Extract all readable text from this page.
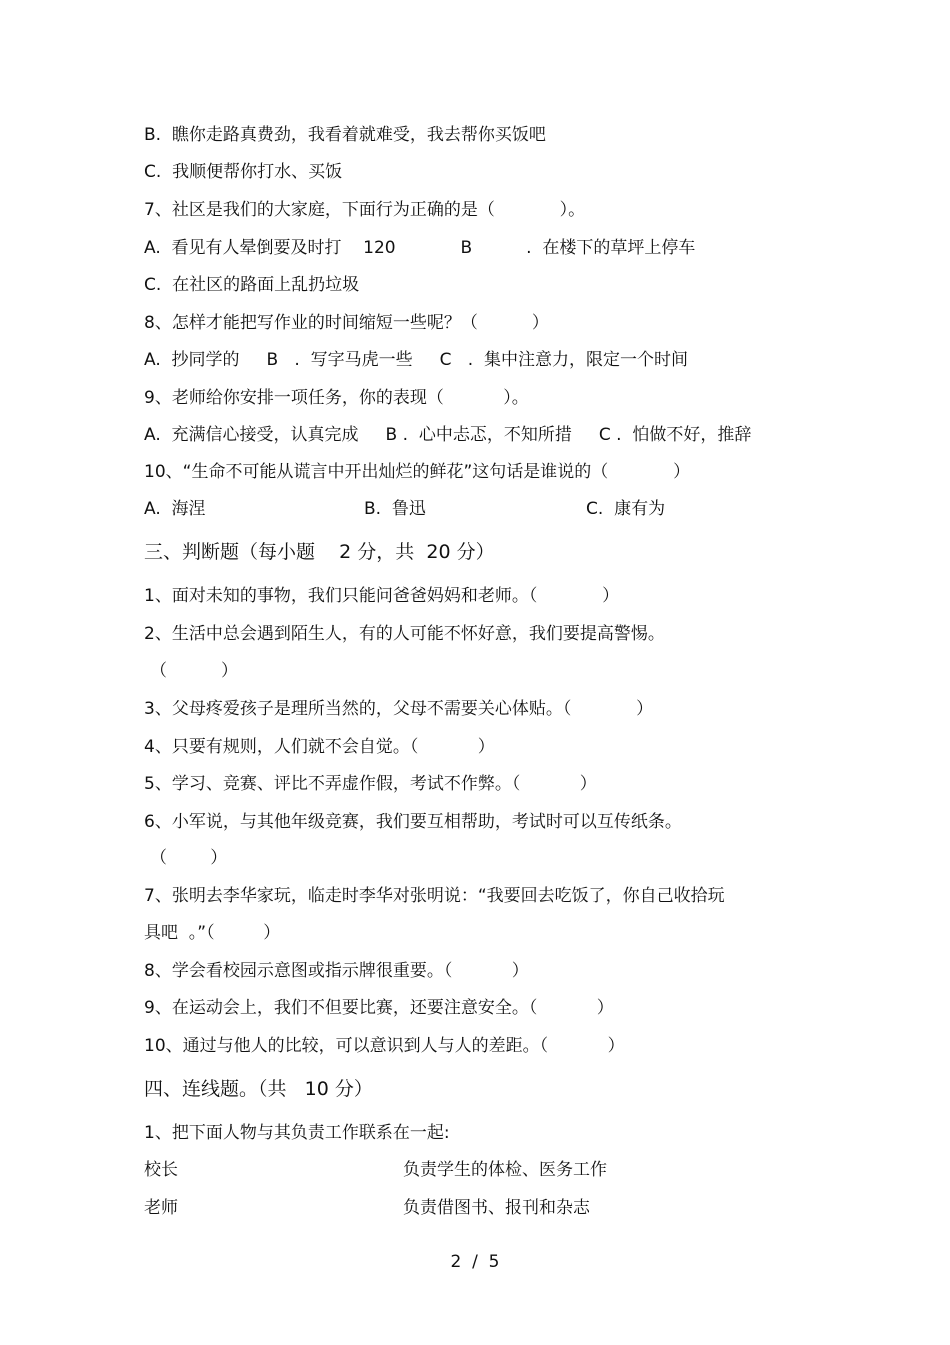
B.  瞧你走路真费劲，我看着就难受，我去帮你买饭吧
C.  我顺便帮你打水、买饭
7、社区是我们的大家庭，下面行为正确的是（            ）。
A.  看见有人晕倒要及时打    120            B          .  在楼下的草坪上停车
C.  在社区的路面上乱扔垃圾
8、怎样才能把写作业的时间缩短一些呢？（          ）
A.  抄同学的     B   .  写字马虎一些     C   .  集中注意力，限定一个时间
9、老师给你安排一项任务，你的表现（           ）。
A.  充满信心接受，认真完成     B .  心中忐忑，不知所措     C .  怕做不好，推辞
10、“生命不可能从谎言中开出灿烂的鲜花”这句话是谁说的（            ）
A.  海涅	B.  鲁迅	C.  康有为
三、判断题（每小题    2 分，共  20 分）
1、面对未知的事物，我们只能问爸爸妈妈和老师。（            ）
2、生活中总会遇到陌生人，有的人可能不怀好意，我们要提高警惕。
（          ）
3、父母疼爱孩子是理所当然的，父母不需要关心体贴。（            ）
4、只要有规则，人们就不会自觉。（           ）
5、学习、竞赛、评比不弄虚作假，考试不作弊。（           ）
6、小军说，与其他年级竞赛，我们要互相帮助，考试时可以互传纸条。
（        ）
7、张明去李华家玩，临走时李华对张明说：“我要回去吃饭了，你自己收拾玩
具吧  。”（         ）
8、学会看校园示意图或指示牌很重要。（           ）
9、在运动会上，我们不但要比赛，还要注意安全。（           ）
10、通过与他人的比较，可以意识到人与人的差距。（           ）
四、连线题。（共   10 分）
1、把下面人物与其负责工作联系在一起:
校长	负责学生的体检、医务工作
老师	负责借图书、报刊和杂志
2  /  5
